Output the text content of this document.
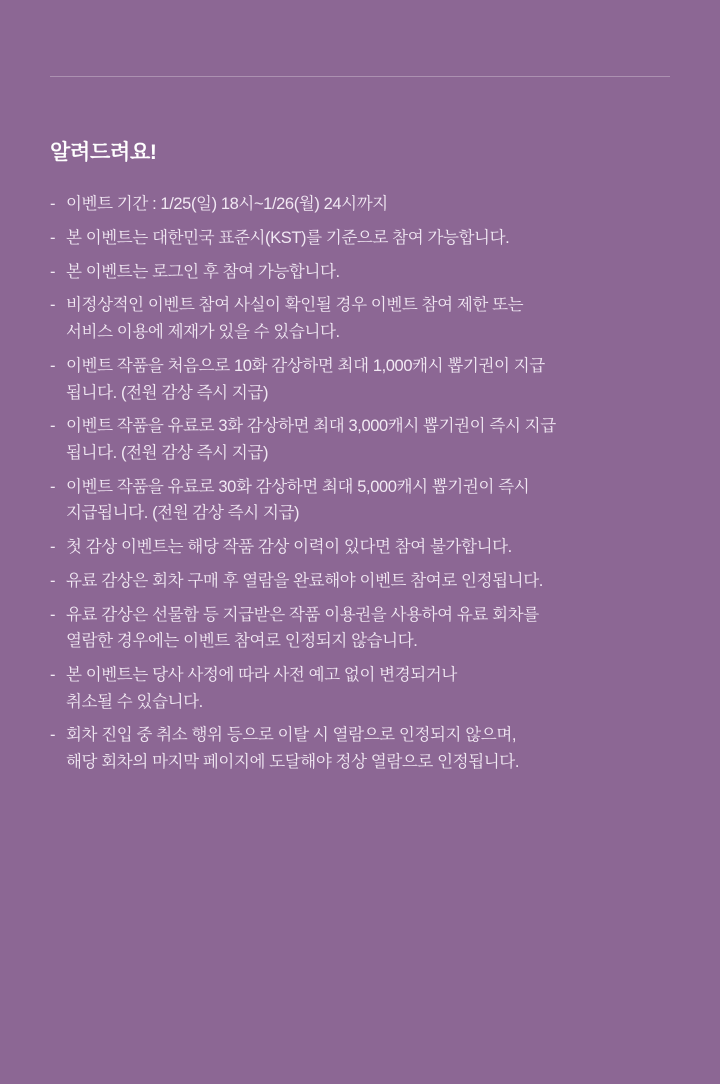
알려드려요!
- 이벤트 기간 : 1/25(일) 18시~1/26(월) 24시까지
- 본 이벤트는 대한민국 표준시(KST)를 기준으로 참여 가능합니다.
- 본 이벤트는 로그인 후 참여 가능합니다.
- 비정상적인 이벤트 참여 사실이 확인될 경우 이벤트 참여 제한 또는
서비스 이용에 제재가 있을 수 있습니다.
- 이벤트 작품을 처음으로 10화 감상하면 최대 1,000캐시 뽑기권이 지급
됩니다. (전원 감상 즉시 지급)
- 이벤트 작품을 유료로 3화 감상하면 최대 3,000캐시 뽑기권이 즉시 지급
됩니다. (전원 감상 즉시 지급)
- 이벤트 작품을 유료로 30화 감상하면 최대 5,000캐시 뽑기권이 즉시
지급됩니다. (전원 감상 즉시 지급)
- 첫 감상 이벤트는 해당 작품 감상 이력이 있다면 참여 불가합니다.
- 유료 감상은 회차 구매 후 열람을 완료해야 이벤트 참여로 인정됩니다.
- 유료 감상은 선물함 등 지급받은 작품 이용권을 사용하여 유료 회차를
열람한 경우에는 이벤트 참여로 인정되지 않습니다.
- 본 이벤트는 당사 사정에 따라 사전 예고 없이 변경되거나
취소될 수 있습니다.
- 회차 진입 중 취소 행위 등으로 이탈 시 열람으로 인정되지 않으며,
해당 회차의 마지막 페이지에 도달해야 정상 열람으로 인정됩니다.
